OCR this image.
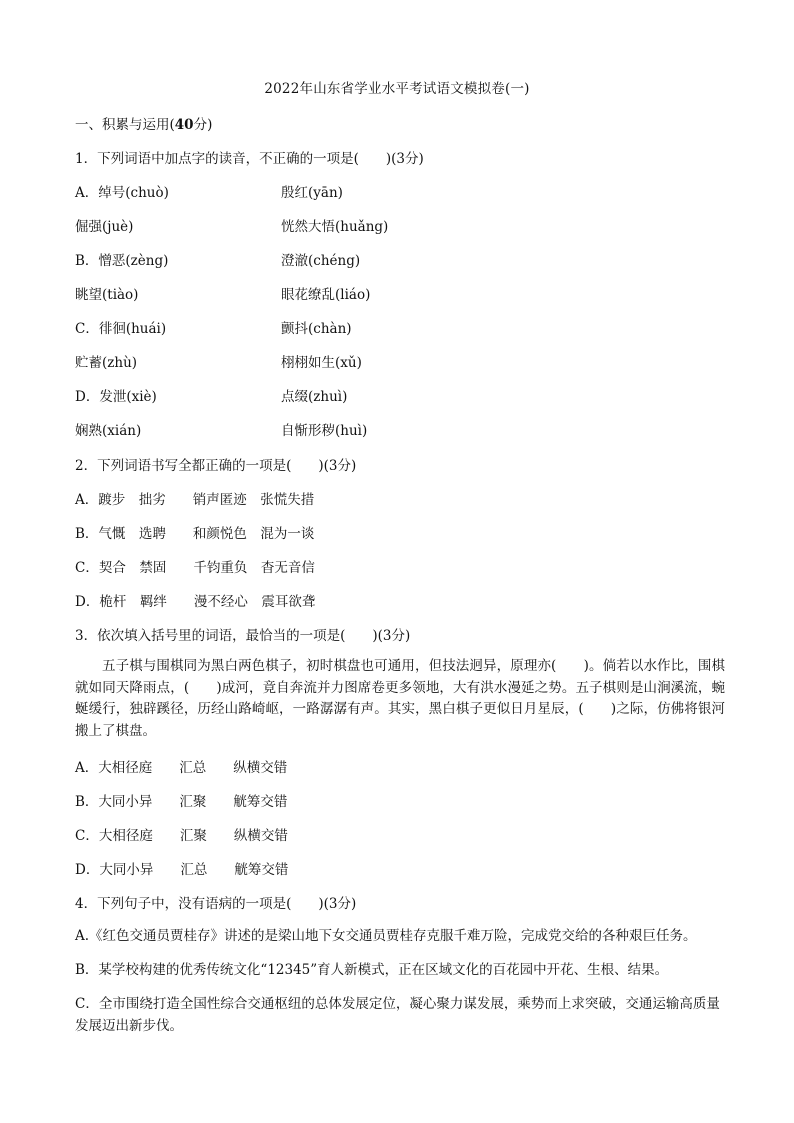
2022年山东省学业水平考试语文模拟卷(一)
一、积累与运用(40分)
1．下列词语中加点字的读音，不正确的一项是(　　)(3分)
A．绰号(chuò)	殷红(yān)
倔强(juè)	恍然大悟(huǎng)
B．憎恶(zèng)	澄澈(chéng)
眺望(tiào)	眼花缭乱(liáo)
C．徘徊(huái)	颤抖(chàn)
贮蓄(zhù)	栩栩如生(xǔ)
D．发泄(xiè)	点缀(zhuì)
娴熟(xián)	自惭形秽(huì)
2．下列词语书写全都正确的一项是(　　)(3分)
A．踱步　拙劣　　销声匿迹　张慌失措
B．气慨　选聘　　和颜悦色　混为一谈
C．契合　禁固　　千钧重负　杳无音信
D．桅杆　羁绊　　漫不经心　震耳欲聋
3．依次填入括号里的词语，最恰当的一项是(　　)(3分)
五子棋与围棋同为黑白两色棋子，初时棋盘也可通用，但技法迥异，原理亦(　　)。倘若以水作比，围棋就如同天降雨点，(　　)成河，竟自奔流并力图席卷更多领地，大有洪水漫延之势。五子棋则是山涧溪流，蜿蜒缓行，独辟蹊径，历经山路崎岖，一路潺潺有声。其实，黑白棋子更似日月星辰，(　　)之际，仿佛将银河搬上了棋盘。
A．大相径庭　　汇总　　纵横交错
B．大同小异　　汇聚　　觥筹交错
C．大相径庭　　汇聚　　纵横交错
D．大同小异　　汇总　　觥筹交错
4．下列句子中，没有语病的一项是(　　)(3分)
A.《红色交通员贾桂存》讲述的是梁山地下女交通员贾桂存克服千难万险，完成党交给的各种艰巨任务。
B．某学校构建的优秀传统文化“12345”育人新模式，正在区域文化的百花园中开花、生根、结果。
C．全市围绕打造全国性综合交通枢纽的总体发展定位，凝心聚力谋发展，乘势而上求突破，交通运输高质量发展迈出新步伐。
